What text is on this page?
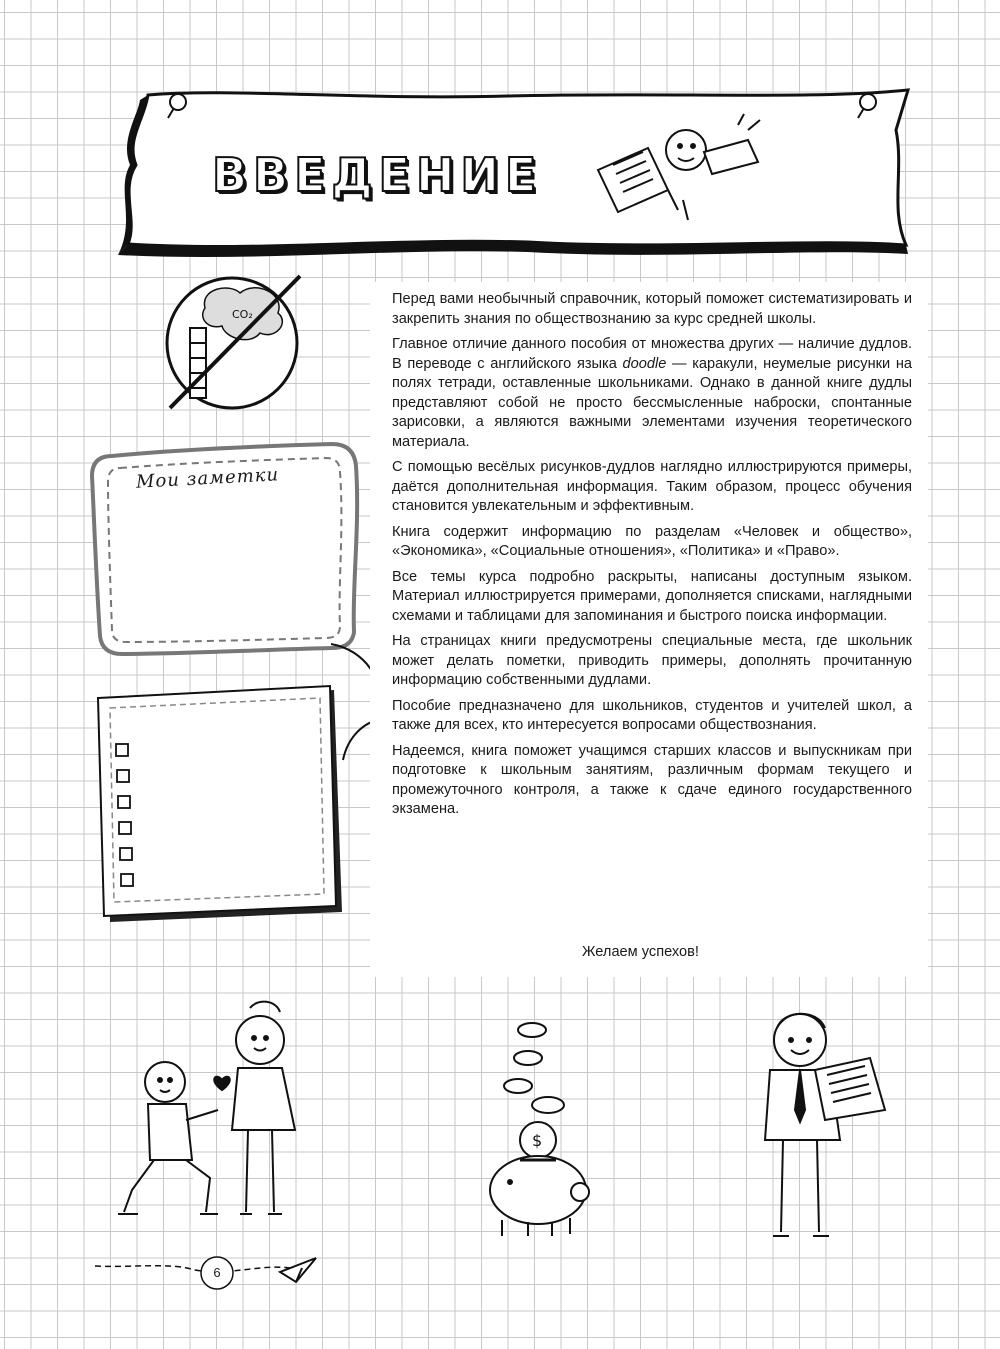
ВВЕДЕНИЕ
CO₂
Мои заметки

Перед вами необычный справочник, который поможет систематизировать и закрепить знания по обществознанию за курс средней школы.

Главное отличие данного пособия от множества других — наличие дудлов. В переводе с английского языка doodle — каракули, неумелые рисунки на полях тетради, оставленные школьниками. Однако в данной книге дудлы представляют собой не просто бессмысленные наброски, спонтанные зарисовки, а являются важными элементами изучения теоретического материала.

С помощью весёлых рисунков-дудлов наглядно иллюстрируются примеры, даётся дополнительная информация. Таким образом, процесс обучения становится увлекательным и эффективным.

Книга содержит информацию по разделам «Человек и общество», «Экономика», «Социальные отношения», «Политика» и «Право».

Все темы курса подробно раскрыты, написаны доступным языком. Материал иллюстрируется примерами, дополняется списками, наглядными схемами и таблицами для запоминания и быстрого поиска информации.

На страницах книги предусмотрены специальные места, где школьник может делать пометки, приводить примеры, дополнять прочитанную информацию собственными дудлами.

Пособие предназначено для школьников, студентов и учителей школ, а также для всех, кто интересуется вопросами обществознания.

Надеемся, книга поможет учащимся старших классов и выпускникам при подготовке к школьным занятиям, различным формам текущего и промежуточного контроля, а также к сдаче единого государственного экзамена.

Желаем успехов!
$
6
